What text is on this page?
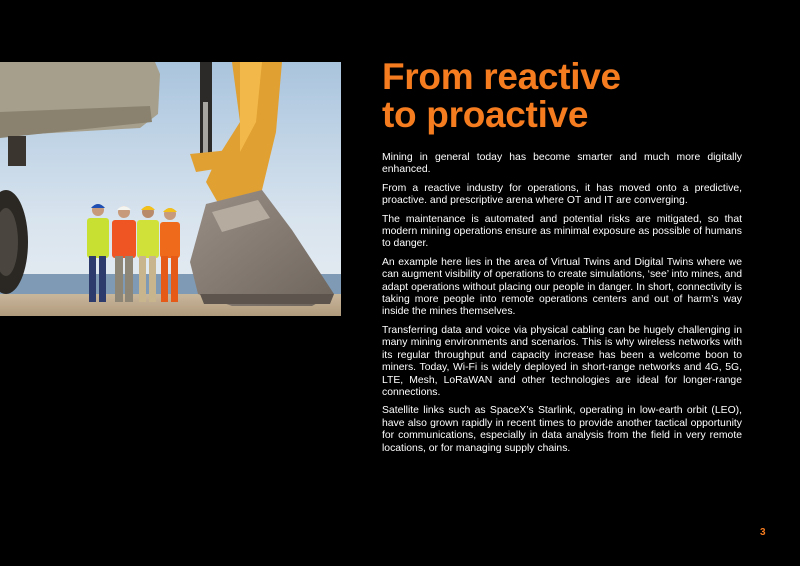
From reactive
to proactive

Mining in general today has become smarter and much more digitally enhanced.

From a reactive industry for operations, it has moved onto a predictive, proactive. and prescriptive arena where OT and IT are converging.

The maintenance is automated and potential risks are mitigated, so that modern mining operations ensure as minimal exposure as possible of humans to danger.

An example here lies in the area of Virtual Twins and Digital Twins where we can augment visibility of operations to create simulations, ‘see’ into mines, and adapt operations without placing our people in danger. In short, connectivity is taking more people into remote operations centers and out of harm’s way inside the mines themselves.

Transferring data and voice via physical cabling can be hugely challenging in many mining environments and scenarios. This is why wireless networks with its regular throughput and capacity increase has been a welcome boon to miners. Today, Wi-Fi is widely deployed in short-range networks and 4G, 5G, LTE, Mesh, LoRaWAN and other technologies are ideal for longer-range connections.

Satellite links such as SpaceX’s Starlink, operating in low-earth orbit (LEO), have also grown rapidly in recent times to provide another tactical opportunity for communications, especially in data analysis from the field in very remote locations, or for managing supply chains.

3
